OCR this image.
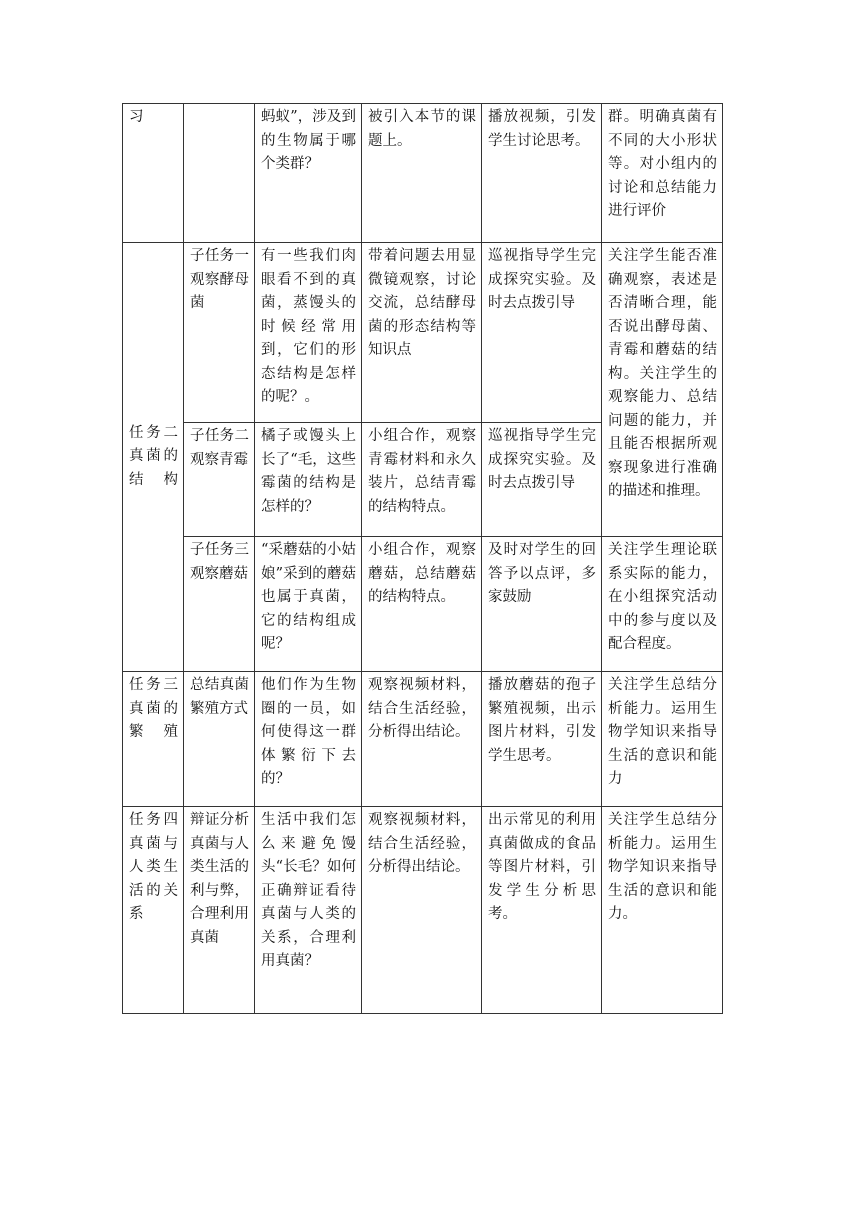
习		蚂蚁”，涉及到的生物属于哪个类群？	被引入本节的课题上。	播放视频，引发学生讨论思考。	群。明确真菌有不同的大小形状等。对小组内的讨论和总结能力进行评价
任务二真菌的结构	子任务一观察酵母菌	有一些我们肉眼看不到的真菌，蒸馒头的时候经常用到，它们的形态结构是怎样的呢？。	带着问题去用显微镜观察，讨论交流，总结酵母菌的形态结构等知识点	巡视指导学生完成探究实验。及时去点拨引导	关注学生能否准确观察，表述是否清晰合理，能否说出酵母菌、青霉和蘑菇的结构。关注学生的观察能力、总结问题的能力，并且能否根据所观察现象进行准确的描述和推理。
	子任务二观察青霉	橘子或馒头上长了“毛，这些霉菌的结构是怎样的？	小组合作，观察青霉材料和永久装片，总结青霉的结构特点。	巡视指导学生完成探究实验。及时去点拨引导	
	子任务三观察蘑菇	“采蘑菇的小姑娘”采到的蘑菇也属于真菌，它的结构组成呢？	小组合作，观察蘑菇，总结蘑菇的结构特点。	及时对学生的回答予以点评，多家鼓励	关注学生理论联系实际的能力，在小组探究活动中的参与度以及配合程度。
任务三真菌的繁殖	总结真菌繁殖方式	他们作为生物圈的一员，如何使得这一群体繁衍下去的？	观察视频材料，结合生活经验，分析得出结论。	播放蘑菇的孢子繁殖视频，出示图片材料，引发学生思考。	关注学生总结分析能力。运用生物学知识来指导生活的意识和能力
任务四真菌与人类生活的关系	辩证分析真菌与人类生活的利与弊，合理利用真菌	生活中我们怎么来避免馒头“长毛？如何正确辩证看待真菌与人类的关系，合理利用真菌？	观察视频材料，结合生活经验，分析得出结论。	出示常见的利用真菌做成的食品等图片材料，引发学生分析思考。	关注学生总结分析能力。运用生物学知识来指导生活的意识和能力。
